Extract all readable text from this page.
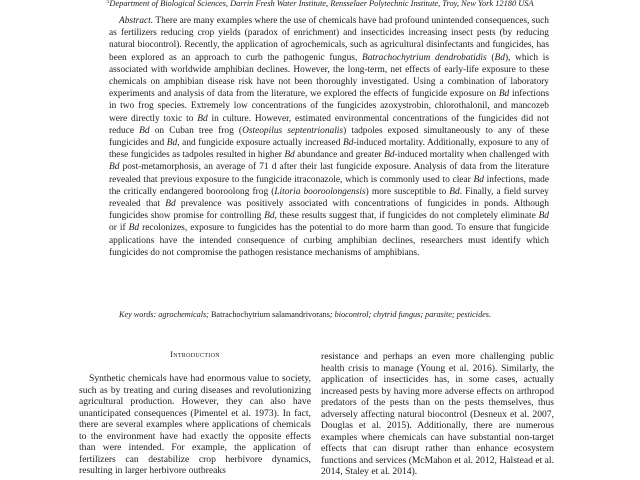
$^5$Department of Biological Sciences, Darrin Fresh Water Institute, Rensselaer Polytechnic Institute, Troy, New York 12180 USA

Abstract. There are many examples where the use of chemicals have had profound unintended consequences, such as fertilizers reducing crop yields (paradox of enrichment) and insecticides increasing insect pests (by reducing natural biocontrol). Recently, the application of agrochemicals, such as agricultural disinfectants and fungicides, has been explored as an approach to curb the pathogenic fungus, Batrachochytrium dendrobatidis (Bd), which is associated with worldwide amphibian declines. However, the long-term, net effects of early-life exposure to these chemicals on amphibian disease risk have not been thoroughly investigated. Using a combination of laboratory experiments and analysis of data from the literature, we explored the effects of fungicide exposure on Bd infections in two frog species. Extremely low concentrations of the fungicides azoxystrobin, chlorothalonil, and mancozeb were directly toxic to Bd in culture. However, estimated environmental concentrations of the fungicides did not reduce Bd on Cuban tree frog (Osteopilus septentrionalis) tadpoles exposed simultaneously to any of these fungicides and Bd, and fungicide exposure actually increased Bd-induced mortality. Additionally, exposure to any of these fungicides as tadpoles resulted in higher Bd abundance and greater Bd-induced mortality when challenged with Bd post-metamorphosis, an average of 71 d after their last fungicide exposure. Analysis of data from the literature revealed that previous exposure to the fungicide itraconazole, which is commonly used to clear Bd infections, made the critically endangered booroolong frog (Litoria booroolongensis) more susceptible to Bd. Finally, a field survey revealed that Bd prevalence was positively associated with concentrations of fungicides in ponds. Although fungicides show promise for controlling Bd, these results suggest that, if fungicides do not completely eliminate Bd or if Bd recolonizes, exposure to fungicides has the potential to do more harm than good. To ensure that fungicide applications have the intended consequence of curbing amphibian declines, researchers must identify which fungicides do not compromise the pathogen resistance mechanisms of amphibians.

Key words: agrochemicals; Batrachochytrium salamandrivorans; biocontrol; chytrid fungus; parasite; pesticides.
Introduction

Synthetic chemicals have had enormous value to society, such as by treating and curing diseases and revolutionizing agricultural production. However, they can also have unanticipated consequences (Pimentel et al. 1973). In fact, there are several examples where applications of chemicals to the environment have had exactly the opposite effects than were intended. For example, the application of fertilizers can destabilize crop herbivore dynamics, resulting in larger herbivore outbreaks

resistance and perhaps an even more challenging public health crisis to manage (Young et al. 2016). Similarly, the application of insecticides has, in some cases, actually increased pests by having more adverse effects on arthropod predators of the pests than on the pests themselves, thus adversely affecting natural biocontrol (Desneux et al. 2007, Douglas et al. 2015). Additionally, there are numerous examples where chemicals can have substantial non-target effects that can disrupt rather than enhance ecosystem functions and services (McMahon et al. 2012, Halstead et al. 2014, Staley et al. 2014).
